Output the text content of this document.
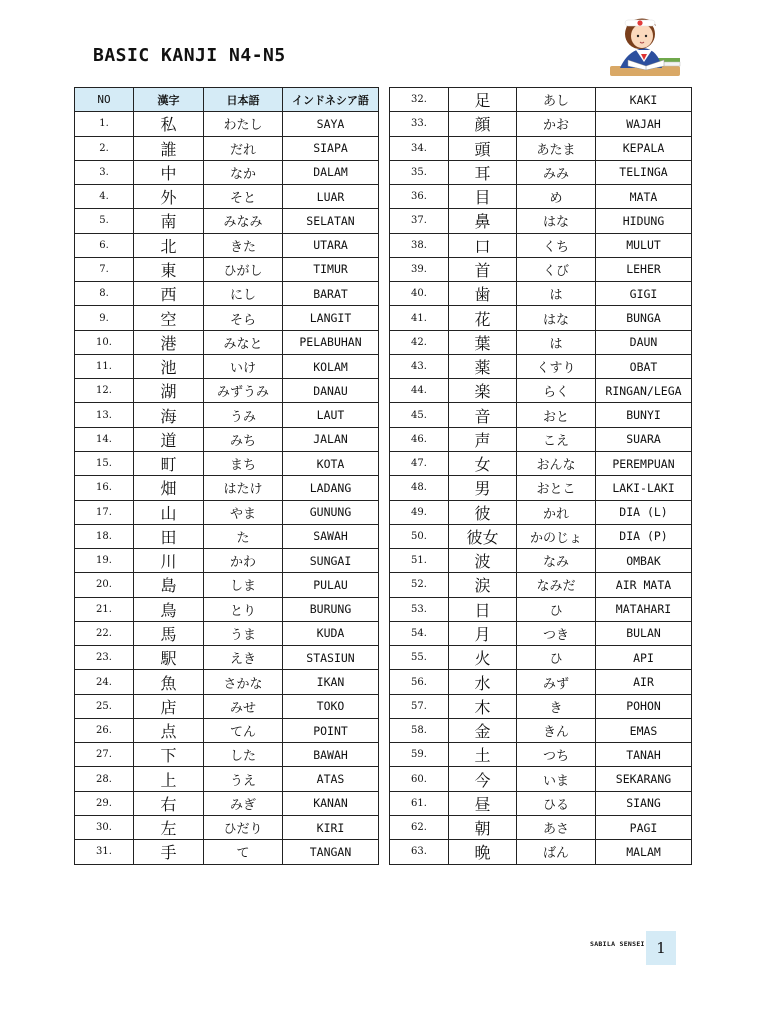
BASIC KANJI N4-N5
NO	漢字	日本語	インドネシア語
1.	私	わたし	SAYA
2.	誰	だれ	SIAPA
3.	中	なか	DALAM
4.	外	そと	LUAR
5.	南	みなみ	SELATAN
6.	北	きた	UTARA
7.	東	ひがし	TIMUR
8.	西	にし	BARAT
9.	空	そら	LANGIT
10.	港	みなと	PELABUHAN
11.	池	いけ	KOLAM
12.	湖	みずうみ	DANAU
13.	海	うみ	LAUT
14.	道	みち	JALAN
15.	町	まち	KOTA
16.	畑	はたけ	LADANG
17.	山	やま	GUNUNG
18.	田	た	SAWAH
19.	川	かわ	SUNGAI
20.	島	しま	PULAU
21.	鳥	とり	BURUNG
22.	馬	うま	KUDA
23.	駅	えき	STASIUN
24.	魚	さかな	IKAN
25.	店	みせ	TOKO
26.	点	てん	POINT
27.	下	した	BAWAH
28.	上	うえ	ATAS
29.	右	みぎ	KANAN
30.	左	ひだり	KIRI
31.	手	て	TANGAN
32.	足	あし	KAKI
33.	顔	かお	WAJAH
34.	頭	あたま	KEPALA
35.	耳	みみ	TELINGA
36.	目	め	MATA
37.	鼻	はな	HIDUNG
38.	口	くち	MULUT
39.	首	くび	LEHER
40.	歯	は	GIGI
41.	花	はな	BUNGA
42.	葉	は	DAUN
43.	薬	くすり	OBAT
44.	楽	らく	RINGAN/LEGA
45.	音	おと	BUNYI
46.	声	こえ	SUARA
47.	女	おんな	PEREMPUAN
48.	男	おとこ	LAKI-LAKI
49.	彼	かれ	DIA (L)
50.	彼女	かのじょ	DIA (P)
51.	波	なみ	OMBAK
52.	涙	なみだ	AIR MATA
53.	日	ひ	MATAHARI
54.	月	つき	BULAN
55.	火	ひ	API
56.	水	みず	AIR
57.	木	き	POHON
58.	金	きん	EMAS
59.	土	つち	TANAH
60.	今	いま	SEKARANG
61.	昼	ひる	SIANG
62.	朝	あさ	PAGI
63.	晩	ばん	MALAM
SABILA SENSEI 1
